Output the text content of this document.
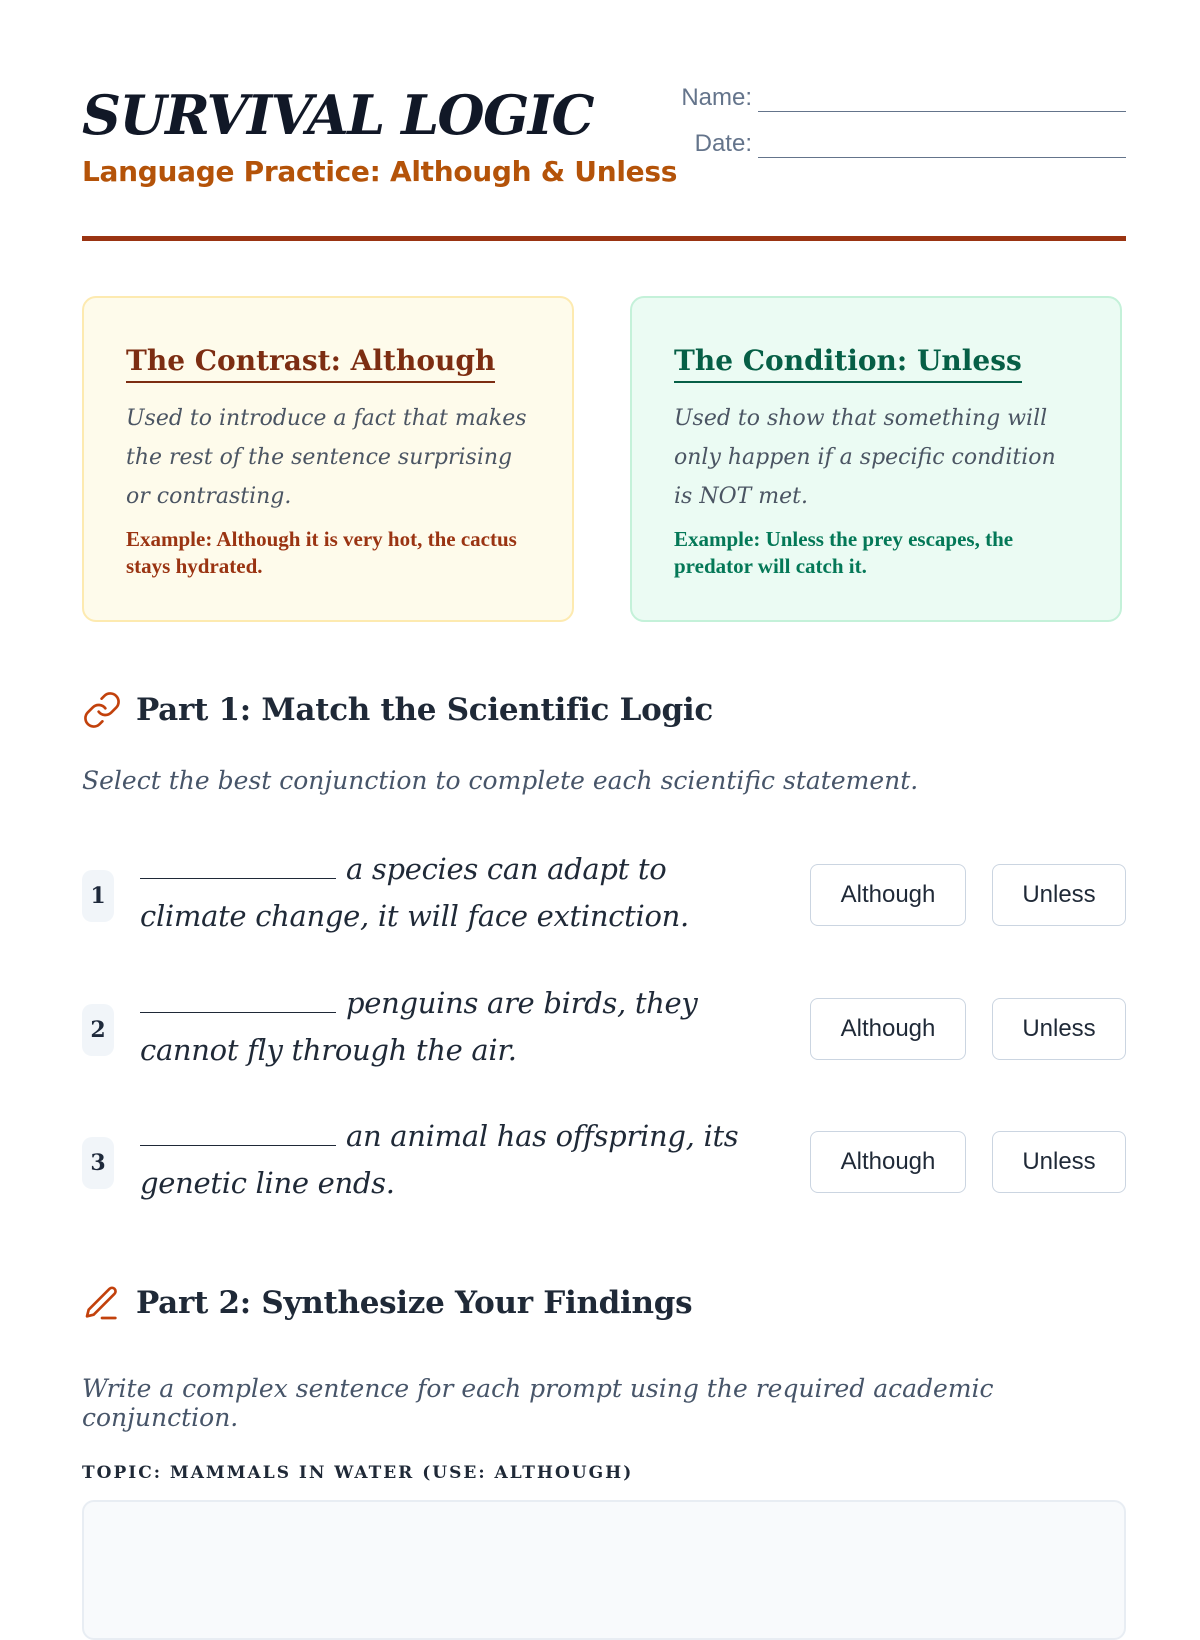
SURVIVAL LOGIC
Language Practice: Although & Unless
Name:
Date:
The Contrast: Although
Used to introduce a fact that makes the rest of the sentence surprising or contrasting.
Example: Although it is very hot, the cactus stays hydrated.
The Condition: Unless
Used to show that something will only happen if a specific condition is NOT met.
Example: Unless the prey escapes, the predator will catch it.
Part 1: Match the Scientific Logic
Select the best conjunction to complete each scientific statement.
1
a species can adapt to climate change, it will face extinction.
Although	Unless
2
penguins are birds, they cannot fly through the air.
Although	Unless
3
an animal has offspring, its genetic line ends.
Although	Unless
Part 2: Synthesize Your Findings
Write a complex sentence for each prompt using the required academic conjunction.
TOPIC: MAMMALS IN WATER (USE: ALTHOUGH)
